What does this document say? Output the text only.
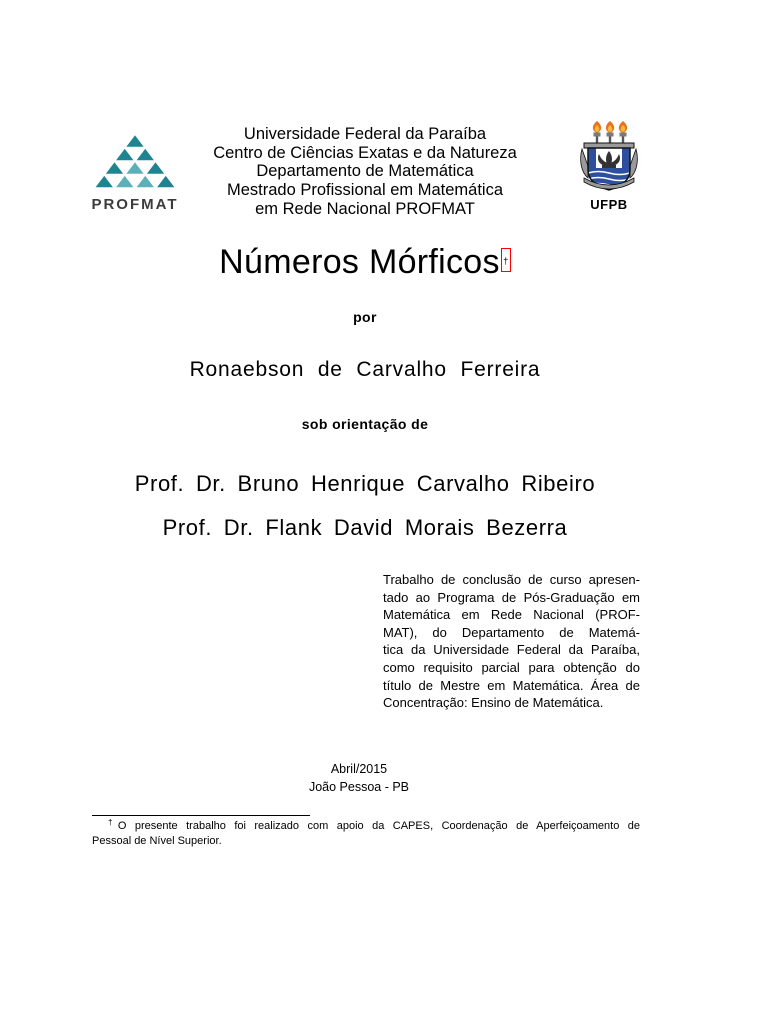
PROFMAT
Universidade Federal da Paraíba
Centro de Ciências Exatas e da Natureza
Departamento de Matemática
Mestrado Profissional em Matemática
em Rede Nacional PROFMAT	UFPB
Números Mórficos †
por
Ronaebson de Carvalho Ferreira
sob orientação de
Prof. Dr. Bruno Henrique Carvalho Ribeiro
Prof. Dr. Flank David Morais Bezerra
Trabalho de conclusão de curso apresen-
tado ao Programa de Pós-Graduação em
Matemática em Rede Nacional (PROF-
MAT), do Departamento de Matemá-
tica da Universidade Federal da Paraíba,
como requisito parcial para obtenção do
título de Mestre em Matemática. Área de
Concentração: Ensino de Matemática.
Abril/2015
João Pessoa - PB
†O presente trabalho foi realizado com apoio da CAPES, Coordenação de Aperfeiçoamento de
Pessoal de Nível Superior.
